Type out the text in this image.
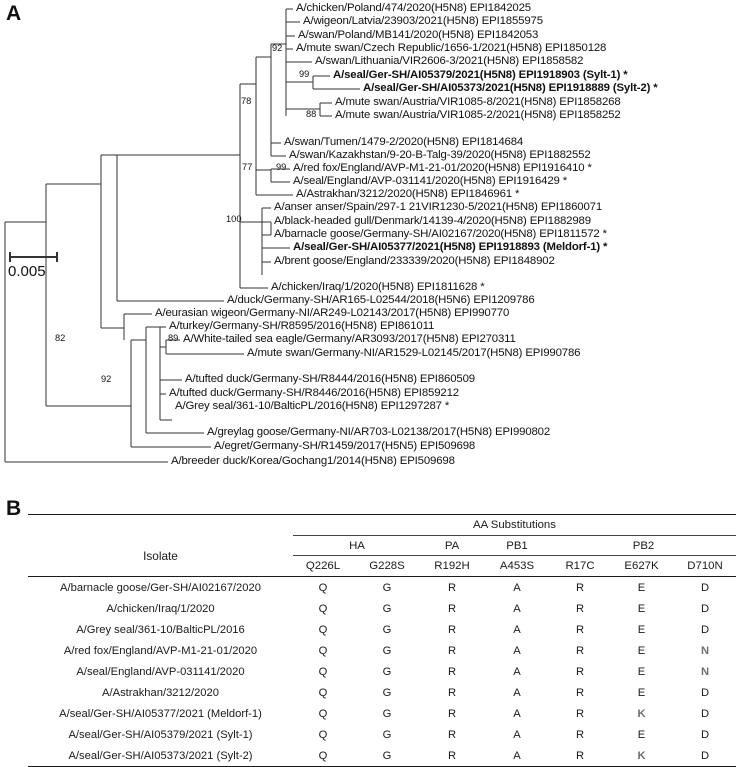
A
0.005
A/chicken/Poland/474/2020(H5N8) EPI1842025
A/wigeon/Latvia/23903/2021(H5N8) EPI1855975
A/swan/Poland/MB141/2020(H5N8) EPI1842053
A/mute swan/Czech Republic/1656-1/2021(H5N8) EPI1850128
A/swan/Lithuania/VIR2606-3/2021(H5N8) EPI1858582
A/seal/Ger-SH/AI05379/2021(H5N8) EPI1918903 (Sylt-1) *
A/seal/Ger-SH/AI05373/2021(H5N8) EPI1918889 (Sylt-2) *
A/mute swan/Austria/VIR1085-8/2021(H5N8) EPI1858268
A/mute swan/Austria/VIR1085-2/2021(H5N8) EPI1858252
A/swan/Tumen/1479-2/2020(H5N8) EPI1814684
A/swan/Kazakhstan/9-20-B-Talg-39/2020(H5N8) EPI1882552
A/red fox/England/AVP-M1-21-01/2020(H5N8) EPI1916410 *
A/seal/England/AVP-031141/2020(H5N8) EPI1916429 *
A/Astrakhan/3212/2020(H5N8) EPI1846961 *
A/anser anser/Spain/297-1 21VIR1230-5/2021(H5N8) EPI1860071
A/black-headed gull/Denmark/14139-4/2020(H5N8) EPI1882989
A/barnacle goose/Germany-SH/AI02167/2020(H5N8) EPI1811572 *
A/seal/Ger-SH/AI05377/2021(H5N8) EPI1918893 (Meldorf-1) *
A/brent goose/England/233339/2020(H5N8) EPI1848902
A/chicken/Iraq/1/2020(H5N8) EPI1811628 *
A/duck/Germany-SH/AR165-L02544/2018(H5N6) EPI1209786
A/eurasian wigeon/Germany-NI/AR249-L02143/2017(H5N8) EPI990770
A/turkey/Germany-SH/R8595/2016(H5N8) EPI861011
A/White-tailed sea eagle/Germany/AR3093/2017(H5N8) EPI270311
A/mute swan/Germany-NI/AR1529-L02145/2017(H5N8) EPI990786
A/tufted duck/Germany-SH/R8444/2016(H5N8) EPI860509
A/tufted duck/Germany-SH/R8446/2016(H5N8) EPI859212
A/Grey seal/361-10/BalticPL/2016(H5N8) EPI1297287 *
A/greylag goose/Germany-NI/AR703-L02138/2017(H5N8) EPI990802
A/egret/Germany-SH/R1459/2017(H5N5) EPI509698
A/breeder duck/Korea/Gochang1/2014(H5N8) EPI509698
92
78
99
88
77	99
100
82	89
92
B
	AA Substitutions						
Isolate	HA		PA	PB1	PB2		
	Q226L	G228S	R192H	A453S	R17C	E627K	D710N
A/barnacle goose/Ger-SH/AI02167/2020	Q	G	R	A	R	E	D
A/chicken/Iraq/1/2020	Q	G	R	A	R	E	D
A/Grey seal/361-10/BalticPL/2016	Q	G	R	A	R	E	D
A/red fox/England/AVP-M1-21-01/2020	Q	G	R	A	R	E	N
A/seal/England/AVP-031141/2020	Q	G	R	A	R	E	N
A/Astrakhan/3212/2020	Q	G	R	A	R	E	D
A/seal/Ger-SH/AI05377/2021 (Meldorf-1)	Q	G	R	A	R	K	D
A/seal/Ger-SH/AI05379/2021 (Sylt-1)	Q	G	R	A	R	E	D
A/seal/Ger-SH/AI05373/2021 (Sylt-2)	Q	G	R	A	R	K	D
